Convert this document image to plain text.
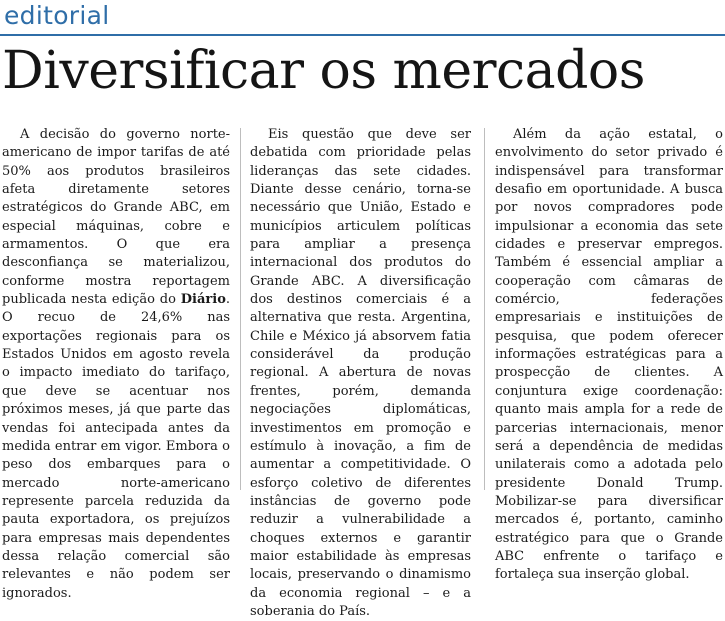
editorial
Diversificar os mercados

A decisão do governo norte-americano de impor tarifas de até 50% aos produtos brasileiros afeta diretamente setores estratégicos do Grande ABC, em especial máquinas, cobre e armamentos. O que era desconfiança se materializou, conforme mostra reportagem publicada nesta edição do Diário. O recuo de 24,6% nas exportações regionais para os Estados Unidos em agosto revela o impacto imediato do tarifaço, que deve se acentuar nos próximos meses, já que parte das vendas foi antecipada antes da medida entrar em vigor. Embora o peso dos embarques para o mercado norte-americano represente parcela reduzida da pauta exportadora, os prejuízos para empresas mais dependentes dessa relação comercial são relevantes e não podem ser ignorados.

Eis questão que deve ser debatida com prioridade pelas lideranças das sete cidades. Diante desse cenário, torna-se necessário que União, Estado e municípios articulem políticas para ampliar a presença internacional dos produtos do Grande ABC. A diversificação dos destinos comerciais é a alternativa que resta. Argentina, Chile e México já absorvem fatia considerável da produção regional. A abertura de novas frentes, porém, demanda negociações diplomáticas, investimentos em promoção e estímulo à inovação, a fim de aumentar a competitividade. O esforço coletivo de diferentes instâncias de governo pode reduzir a vulnerabilidade a choques externos e garantir maior estabilidade às empresas locais, preservando o dinamismo da economia regional – e a soberania do País.

Além da ação estatal, o envolvimento do setor privado é indispensável para transformar desafio em oportunidade. A busca por novos compradores pode impulsionar a economia das sete cidades e preservar empregos. Também é essencial ampliar a cooperação com câmaras de comércio, federações empresariais e instituições de pesquisa, que podem oferecer informações estratégicas para a prospecção de clientes. A conjuntura exige coordenação: quanto mais ampla for a rede de parcerias internacionais, menor será a dependência de medidas unilaterais como a adotada pelo presidente Donald Trump. Mobilizar-se para diversificar mercados é, portanto, caminho estratégico para que o Grande ABC enfrente o tarifaço e fortaleça sua inserção global.
